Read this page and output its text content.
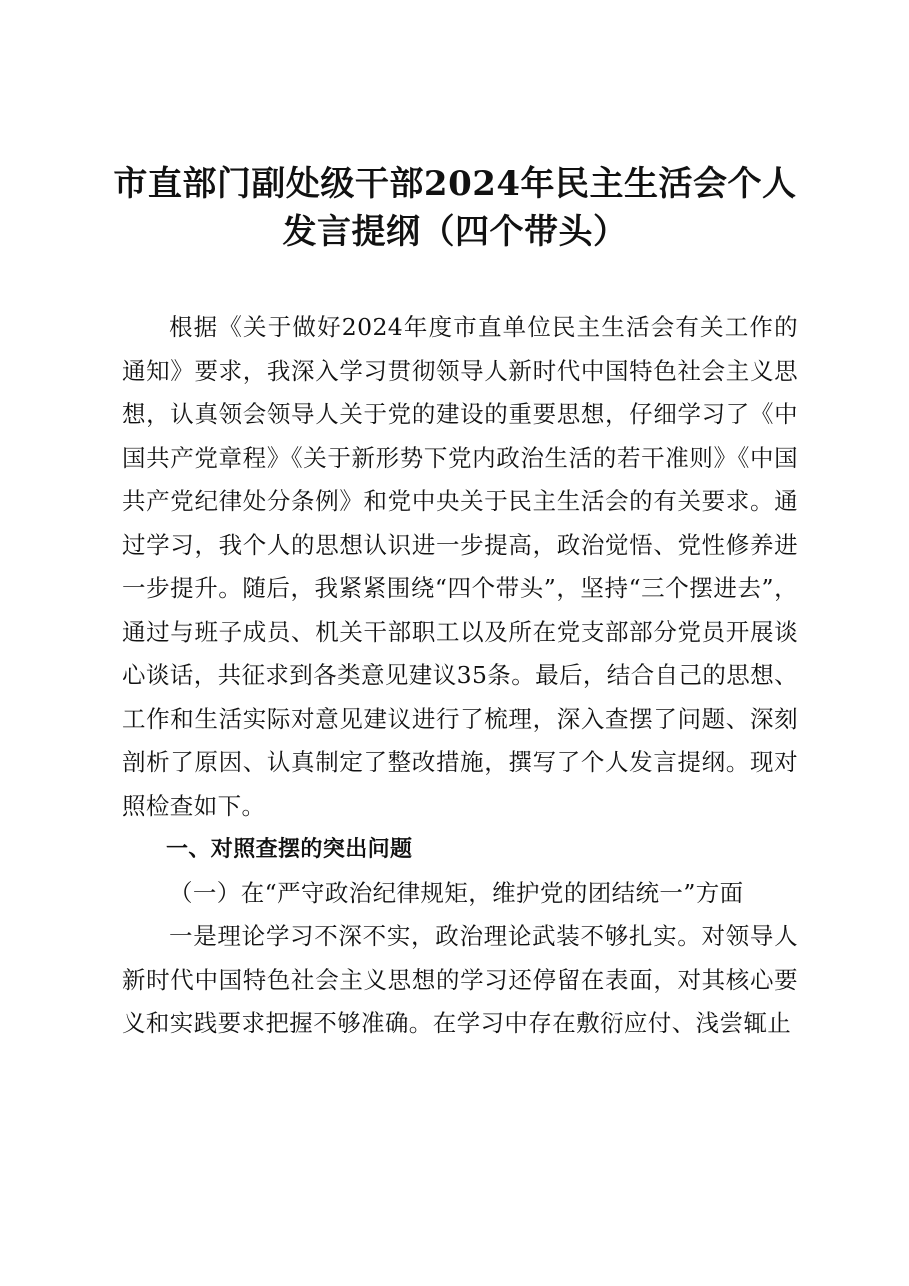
市直部门副处级干部2024年民主生活会个人发言提纲（四个带头）

根据《关于做好2024年度市直单位民主生活会有关工作的通知》要求，我深入学习贯彻领导人新时代中国特色社会主义思想，认真领会领导人关于党的建设的重要思想，仔细学习了《中国共产党章程》《关于新形势下党内政治生活的若干准则》《中国共产党纪律处分条例》和党中央关于民主生活会的有关要求。通过学习，我个人的思想认识进一步提高，政治觉悟、党性修养进一步提升。随后，我紧紧围绕“四个带头”，坚持“三个摆进去”，通过与班子成员、机关干部职工以及所在党支部部分党员开展谈心谈话，共征求到各类意见建议35条。最后，结合自己的思想、工作和生活实际对意见建议进行了梳理，深入查摆了问题、深刻剖析了原因、认真制定了整改措施，撰写了个人发言提纲。现对照检查如下。

一、对照查摆的突出问题

（一）在“严守政治纪律规矩，维护党的团结统一”方面

一是理论学习不深不实，政治理论武装不够扎实。对领导人新时代中国特色社会主义思想的学习还停留在表面，对其核心要义和实践要求把握不够准确。在学习中存在敷衍应付、浅尝辄止
